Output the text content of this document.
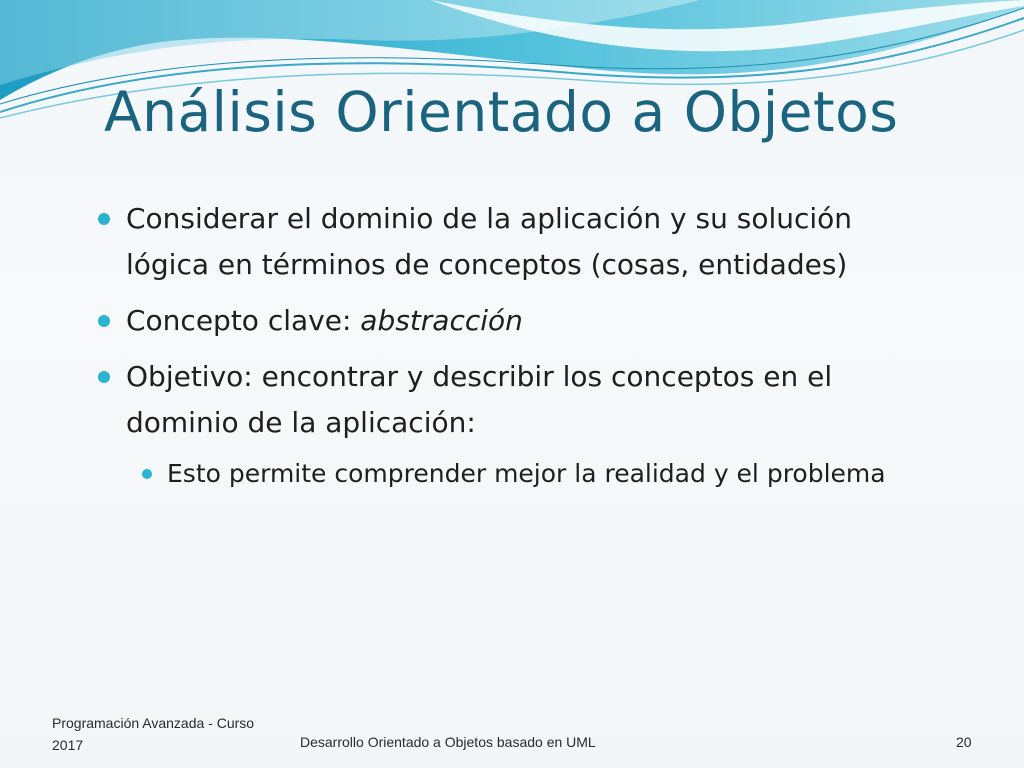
Análisis Orientado a Objetos
Considerar el dominio de la aplicación y su solución lógica en términos de conceptos (cosas, entidades)
Concepto clave: abstracción
Objetivo: encontrar y describir los conceptos en el dominio de la aplicación:
Esto permite comprender mejor la realidad y el problema
Programación Avanzada - Curso
2017	Desarrollo Orientado a Objetos basado en UML	20
